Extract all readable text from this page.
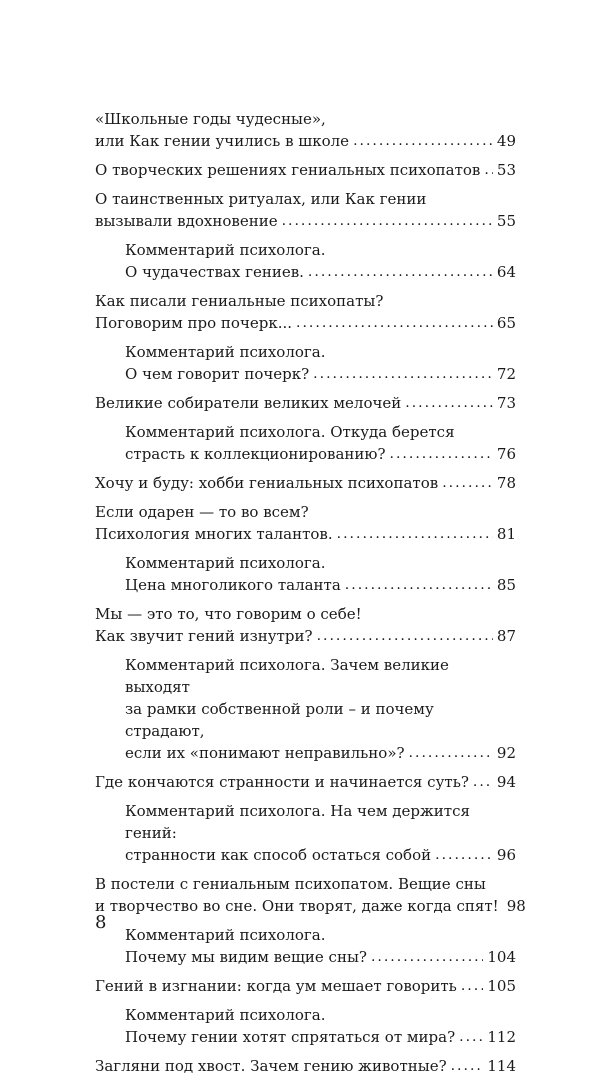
«Школьные годы чудесные»,
или Как гении учились в школе .....	49
О творческих решениях гениальных психопатов ..... 53
О таинственных ритуалах, или Как гении
вызывали вдохновение .....	55
Комментарий психолога.
О чудачествах гениев. .....	64
Как писали гениальные психопаты?
Поговорим про почерк... .....	65
Комментарий психолога.
О чем говорит почерк? .....	72
Великие собиратели великих мелочей .....	73
Комментарий психолога. Откуда берется
страсть к коллекционированию? .....	76
Хочу и буду: хобби гениальных психопатов .....	78
Если одарен — то во всем?
Психология многих талантов. .....	81
Комментарий психолога.
Цена многоликого таланта .....	85
Мы — это то, что говорим о себе!
Как звучит гений изнутри? .....	87
Комментарий психолога. Зачем великие выходят
за рамки собственной роли – и почему страдают,
если их «понимают неправильно»? .....	92
Где кончаются странности и начинается суть? ..... 94
Комментарий психолога. На чем держится гений:
странности как способ остаться собой .....	96
В постели с гениальным психопатом. Вещие сны
и творчество во сне. Они творят, даже когда спят! 98
Комментарий психолога.
Почему мы видим вещие сны? .....	104
Гений в изгнании: когда ум мешает говорить ..... 105
Комментарий психолога.
Почему гении хотят спрятаться от мира? ..... 112
Загляни под хвост. Зачем гению животные? .....	114
8
